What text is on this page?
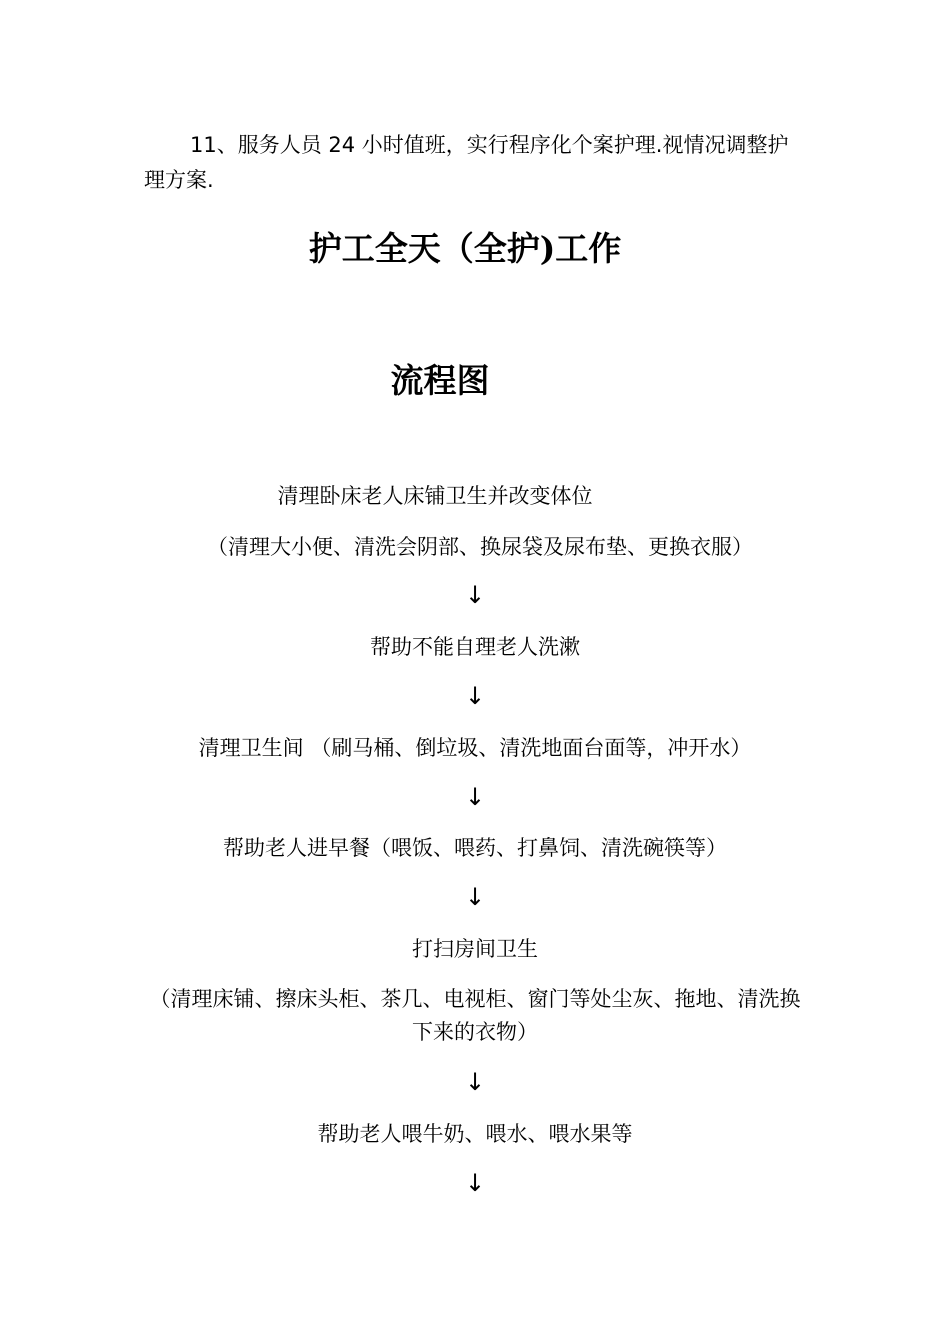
11、服务人员 24 小时值班，实行程序化个案护理.视情况调整护理方案.

护工全天（全护)工作
流程图

清理卧床老人床铺卫生并改变体位

（清理大小便、清洗会阴部、换尿袋及尿布垫、更换衣服）

↓

帮助不能自理老人洗漱

↓

清理卫生间 （刷马桶、倒垃圾、清洗地面台面等，冲开水）

↓

帮助老人进早餐（喂饭、喂药、打鼻饲、清洗碗筷等）

↓

打扫房间卫生

（清理床铺、擦床头柜、茶几、电视柜、窗门等处尘灰、拖地、清洗换下来的衣物）

↓

帮助老人喂牛奶、喂水、喂水果等

↓
